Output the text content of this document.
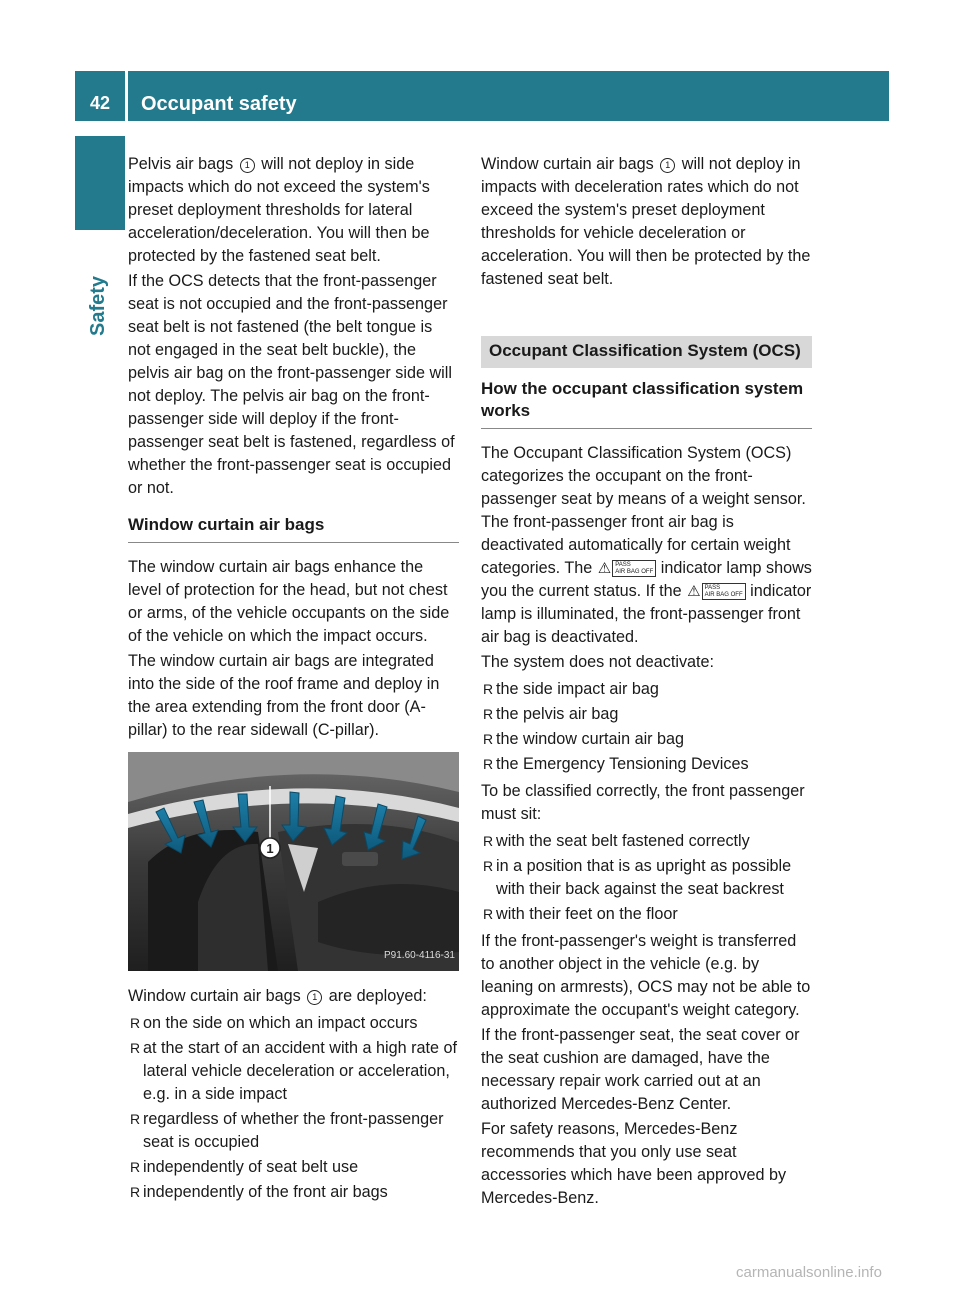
42	Occupant safety
Safety

Pelvis air bags 1 will not deploy in side impacts which do not exceed the system's preset deployment thresholds for lateral acceleration/deceleration. You will then be protected by the fastened seat belt.

If the OCS detects that the front-passenger seat is not occupied and the front-passenger seat belt is not fastened (the belt tongue is not engaged in the seat belt buckle), the pelvis air bag on the front-passenger side will not deploy. The pelvis air bag on the front-passenger side will deploy if the front-passenger seat belt is fastened, regardless of whether the front-passenger seat is occupied or not.

Window curtain air bags

The window curtain air bags enhance the level of protection for the head, but not chest or arms, of the vehicle occupants on the side of the vehicle on which the impact occurs.

The window curtain air bags are integrated into the side of the roof frame and deploy in the area extending from the front door (A-pillar) to the rear sidewall (C-pillar).

1
P91.60-4116-31

Window curtain air bags 1 are deployed:

R on the side on which an impact occurs
R at the start of an accident with a high rate of lateral vehicle deceleration or acceleration, e.g. in a side impact
R regardless of whether the front-passenger seat is occupied
R independently of seat belt use
R independently of the front air bags

Window curtain air bags 1 will not deploy in impacts with deceleration rates which do not exceed the system's preset deployment thresholds for vehicle deceleration or acceleration. You will then be protected by the fastened seat belt.

Occupant Classification System (OCS)
How the occupant classification system works

The Occupant Classification System (OCS) categorizes the occupant on the front-passenger seat by means of a weight sensor. The front-passenger front air bag is deactivated automatically for certain weight categories. The ⚠ PASS
AIR BAG OFF indicator lamp shows you the current status. If the ⚠ PASS
AIR BAG OFF indicator lamp is illuminated, the front-passenger front air bag is deactivated.

The system does not deactivate:

R the side impact air bag
R the pelvis air bag
R the window curtain air bag
R the Emergency Tensioning Devices

To be classified correctly, the front passenger must sit:

R with the seat belt fastened correctly
R in a position that is as upright as possible with their back against the seat backrest
R with their feet on the floor

If the front-passenger's weight is transferred to another object in the vehicle (e.g. by leaning on armrests), OCS may not be able to approximate the occupant's weight category.

If the front-passenger seat, the seat cover or the seat cushion are damaged, have the necessary repair work carried out at an authorized Mercedes-Benz Center.

For safety reasons, Mercedes-Benz recommends that you only use seat accessories which have been approved by Mercedes-Benz.

carmanualsonline.info
